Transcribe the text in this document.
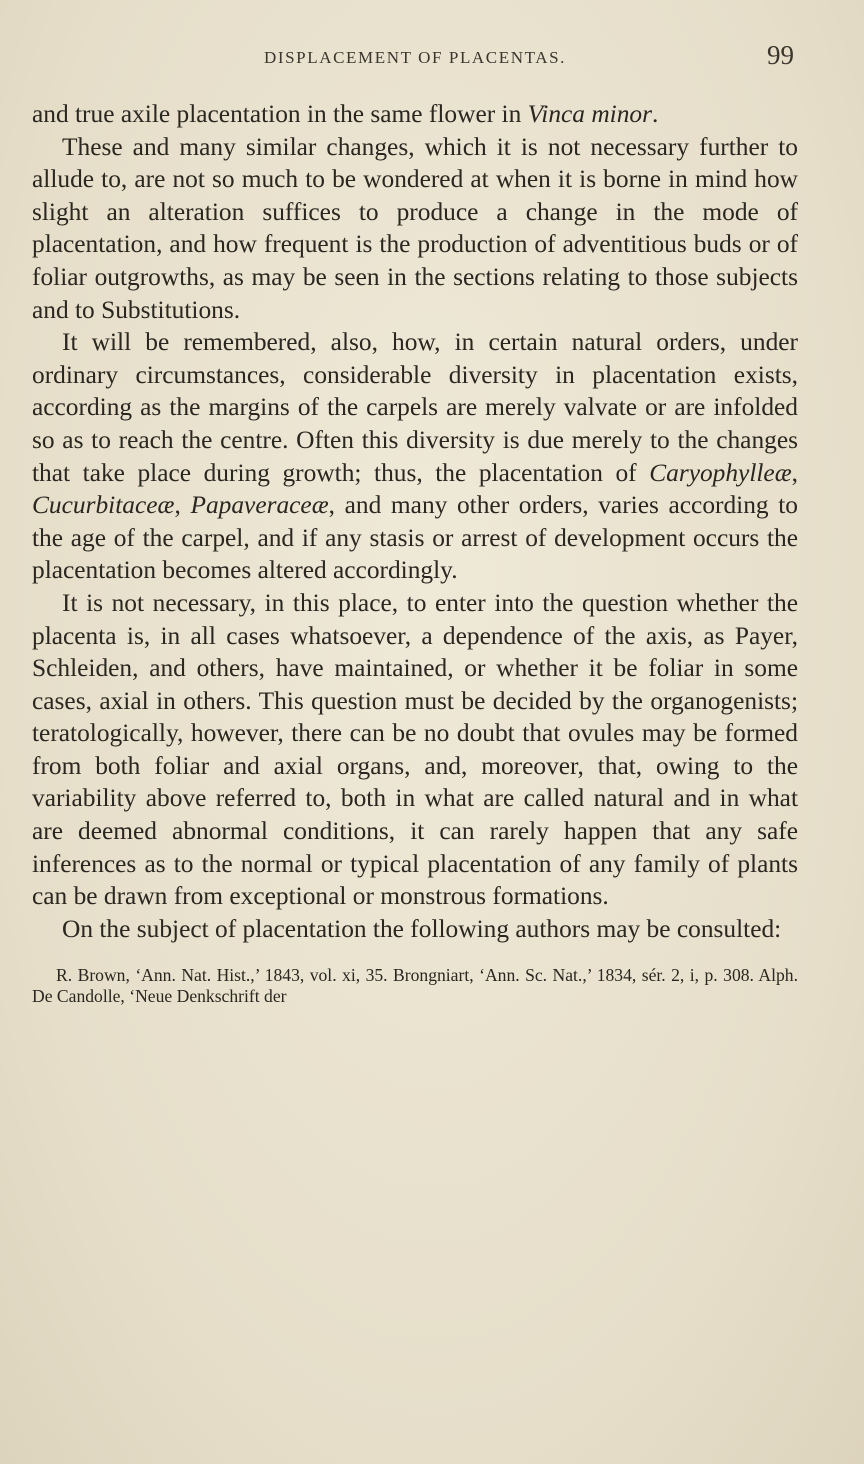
DISPLACEMENT OF PLACENTAS.	99

and true axile placentation in the same flower in Vinca minor.

These and many similar changes, which it is not necessary further to allude to, are not so much to be wondered at when it is borne in mind how slight an alteration suffices to produce a change in the mode of placentation, and how frequent is the production of adventitious buds or of foliar outgrowths, as may be seen in the sections relating to those subjects and to Substitutions.

It will be remembered, also, how, in certain natural orders, under ordinary circumstances, considerable diversity in placentation exists, according as the margins of the carpels are merely valvate or are infolded so as to reach the centre. Often this diversity is due merely to the changes that take place during growth; thus, the placentation of Caryophylleæ, Cucurbitaceæ, Papaveraceæ, and many other orders, varies according to the age of the carpel, and if any stasis or arrest of development occurs the placentation becomes altered accordingly.

It is not necessary, in this place, to enter into the question whether the placenta is, in all cases whatsoever, a dependence of the axis, as Payer, Schleiden, and others, have maintained, or whether it be foliar in some cases, axial in others. This question must be decided by the organogenists; teratologically, however, there can be no doubt that ovules may be formed from both foliar and axial organs, and, moreover, that, owing to the variability above referred to, both in what are called natural and in what are deemed abnormal conditions, it can rarely happen that any safe inferences as to the normal or typical placentation of any family of plants can be drawn from exceptional or monstrous formations.

On the subject of placentation the following authors may be consulted:

R. Brown, ‘Ann. Nat. Hist.,’ 1843, vol. xi, 35. Brongniart, ‘Ann. Sc. Nat.,’ 1834, sér. 2, i, p. 308. Alph. De Candolle, ‘Neue Denkschrift der
